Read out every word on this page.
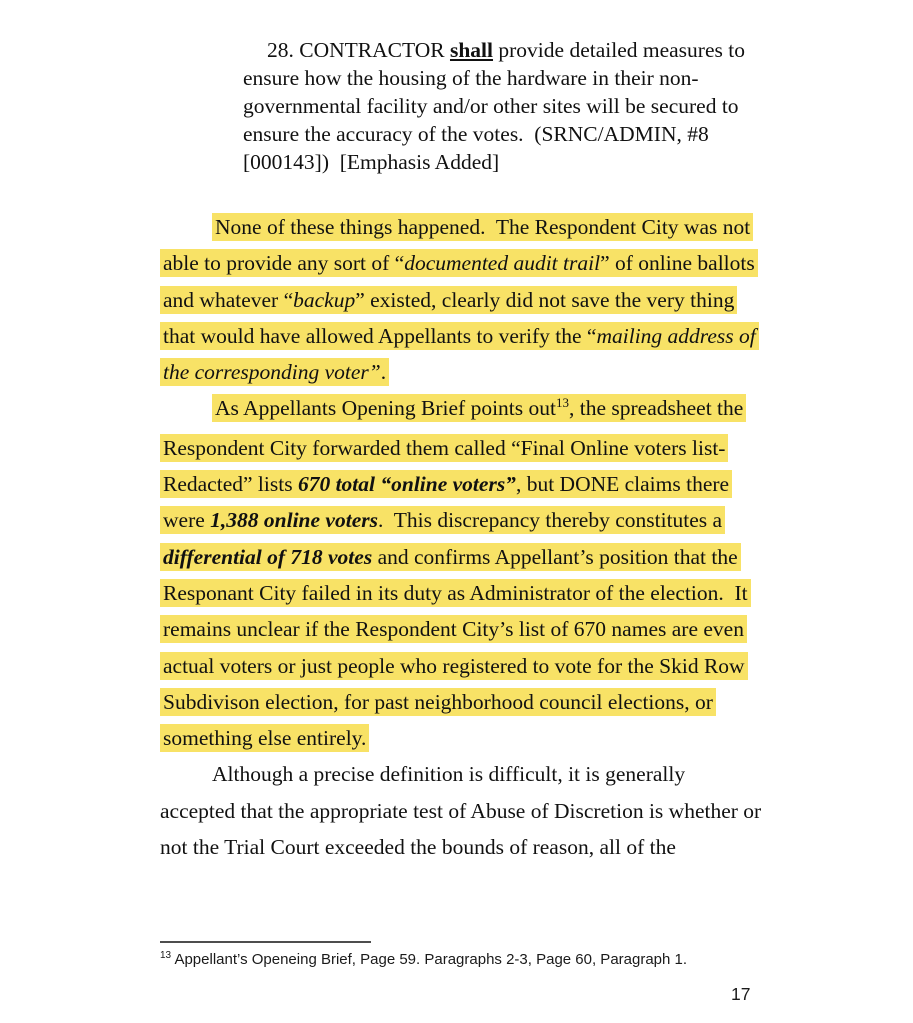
28. CONTRACTOR shall provide detailed measures to
ensure how the housing of the hardware in their non-
governmental facility and/or other sites will be secured to
ensure the accuracy of the votes.  (SRNC/ADMIN, #8
[000143])  [Emphasis Added]
None of these things happened.  The Respondent City was not
able to provide any sort of “documented audit trail” of online ballots
and whatever “backup” existed, clearly did not save the very thing
that would have allowed Appellants to verify the “mailing address of
the corresponding voter”.
As Appellants Opening Brief points out$^{13}$, the spreadsheet the
Respondent City forwarded them called “Final Online voters list-
Redacted” lists 670 total “online voters”, but DONE claims there
were 1,388 online voters.  This discrepancy thereby constitutes a
differential of 718 votes and confirms Appellant’s position that the
Responant City failed in its duty as Administrator of the election.  It
remains unclear if the Respondent City’s list of 670 names are even
actual voters or just people who registered to vote for the Skid Row
Subdivison election, for past neighborhood council elections, or
something else entirely.
Although a precise definition is difficult, it is generally
accepted that the appropriate test of Abuse of Discretion is whether or
not the Trial Court exceeded the bounds of reason, all of the
$^{13}$ Appellant’s Openeing Brief, Page 59. Paragraphs 2-3, Page 60, Paragraph 1.
17
